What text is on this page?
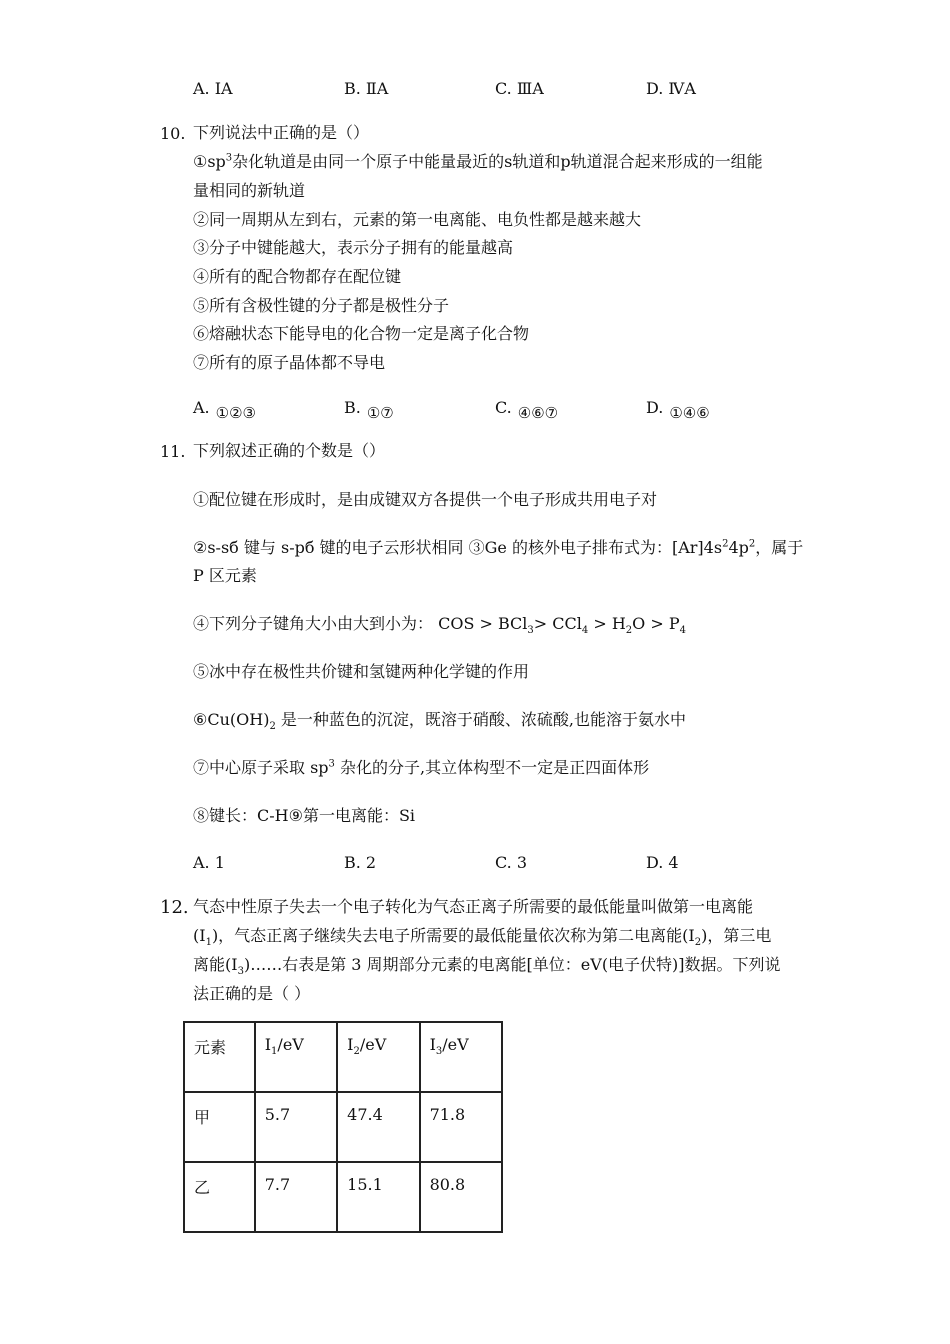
A. ⅠA	B. ⅡA	C. ⅢA	D. ⅣA
10. 下列说法中正确的是（）
$①sp^3$杂化轨道是由同一个原子中能量最近的s轨道和p轨道混合起来形成的一组能
量相同的新轨道
②同一周期从左到右，元素的第一电离能、电负性都是越来越大
③分子中键能越大，表示分子拥有的能量越高
④所有的配合物都存在配位键
⑤所有含极性键的分子都是极性分子
⑥熔融状态下能导电的化合物一定是离子化合物
⑦所有的原子晶体都不导电
A. ①②③	B. ①⑦	C. ④⑥⑦	D. ①④⑥
11. 下列叙述正确的个数是（）
①配位键在形成时，是由成键双方各提供一个电子形成共用电子对
②s-sб 键与 s-pб 键的电子云形状相同 ③Ge 的核外电子排布式为：$[Ar]4s^24p^2$，属于
P 区元素
④下列分子键角大小由大到小为： COS > $BCl_3> CCl_4 > H_2O > P_4$
⑤冰中存在极性共价键和氢键两种化学键的作用
$⑥Cu(OH)_2$ 是一种蓝色的沉淀，既溶于硝酸、浓硫酸,也能溶于氨水中
⑦中心原子采取 $sp^3$ 杂化的分子,其立体构型不一定是正四面体形
⑧键长：C-H⑨第一电离能：Si
A. 1	B. 2	C. 3	D. 4
12. 气态中性原子失去一个电子转化为气态正离子所需要的最低能量叫做第一电离能
$(I_1)$，气态正离子继续失去电子所需要的最低能量依次称为第二电离能$(I_2)$，第三电
离能$(I_3)\dots\dots$右表是第 3 周期部分元素的电离能[单位：eV(电子伏特)]数据。下列说
法正确的是（ ）
元素	$I_1/eV$	$I_2/eV$	$I_3/eV$
甲	5.7	47.4	71.8
乙	7.7	15.1	80.8
